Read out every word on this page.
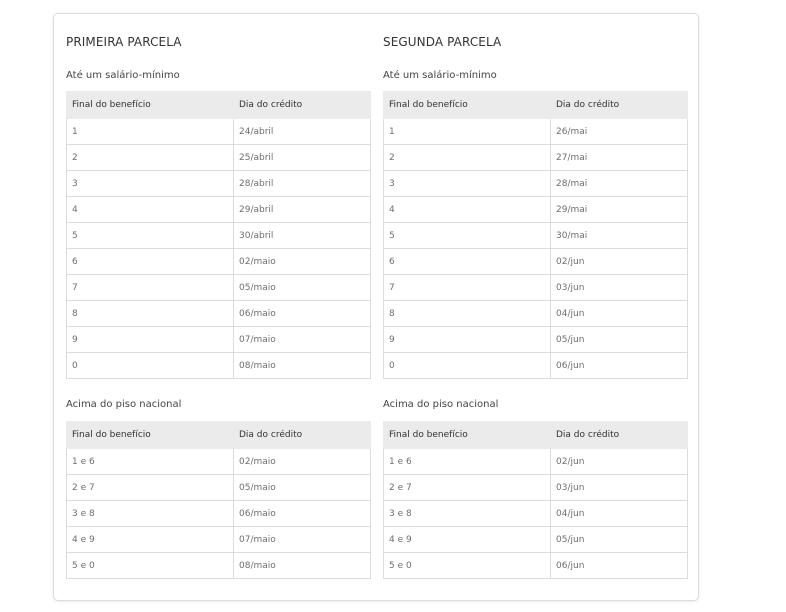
PRIMEIRA PARCELA
Até um salário-mínimo
Final do benefício	Dia do crédito
1	24/abril
2	25/abril
3	28/abril
4	29/abril
5	30/abril
6	02/maio
7	05/maio
8	06/maio
9	07/maio
0	08/maio
Acima do piso nacional
Final do benefício	Dia do crédito
1 e 6	02/maio
2 e 7	05/maio
3 e 8	06/maio
4 e 9	07/maio
5 e 0	08/maio
SEGUNDA PARCELA
Até um salário-mínimo
Final do benefício	Dia do crédito
1	26/mai
2	27/mai
3	28/mai
4	29/mai
5	30/mai
6	02/jun
7	03/jun
8	04/jun
9	05/jun
0	06/jun
Acima do piso nacional
Final do benefício	Dia do crédito
1 e 6	02/jun
2 e 7	03/jun
3 e 8	04/jun
4 e 9	05/jun
5 e 0	06/jun
